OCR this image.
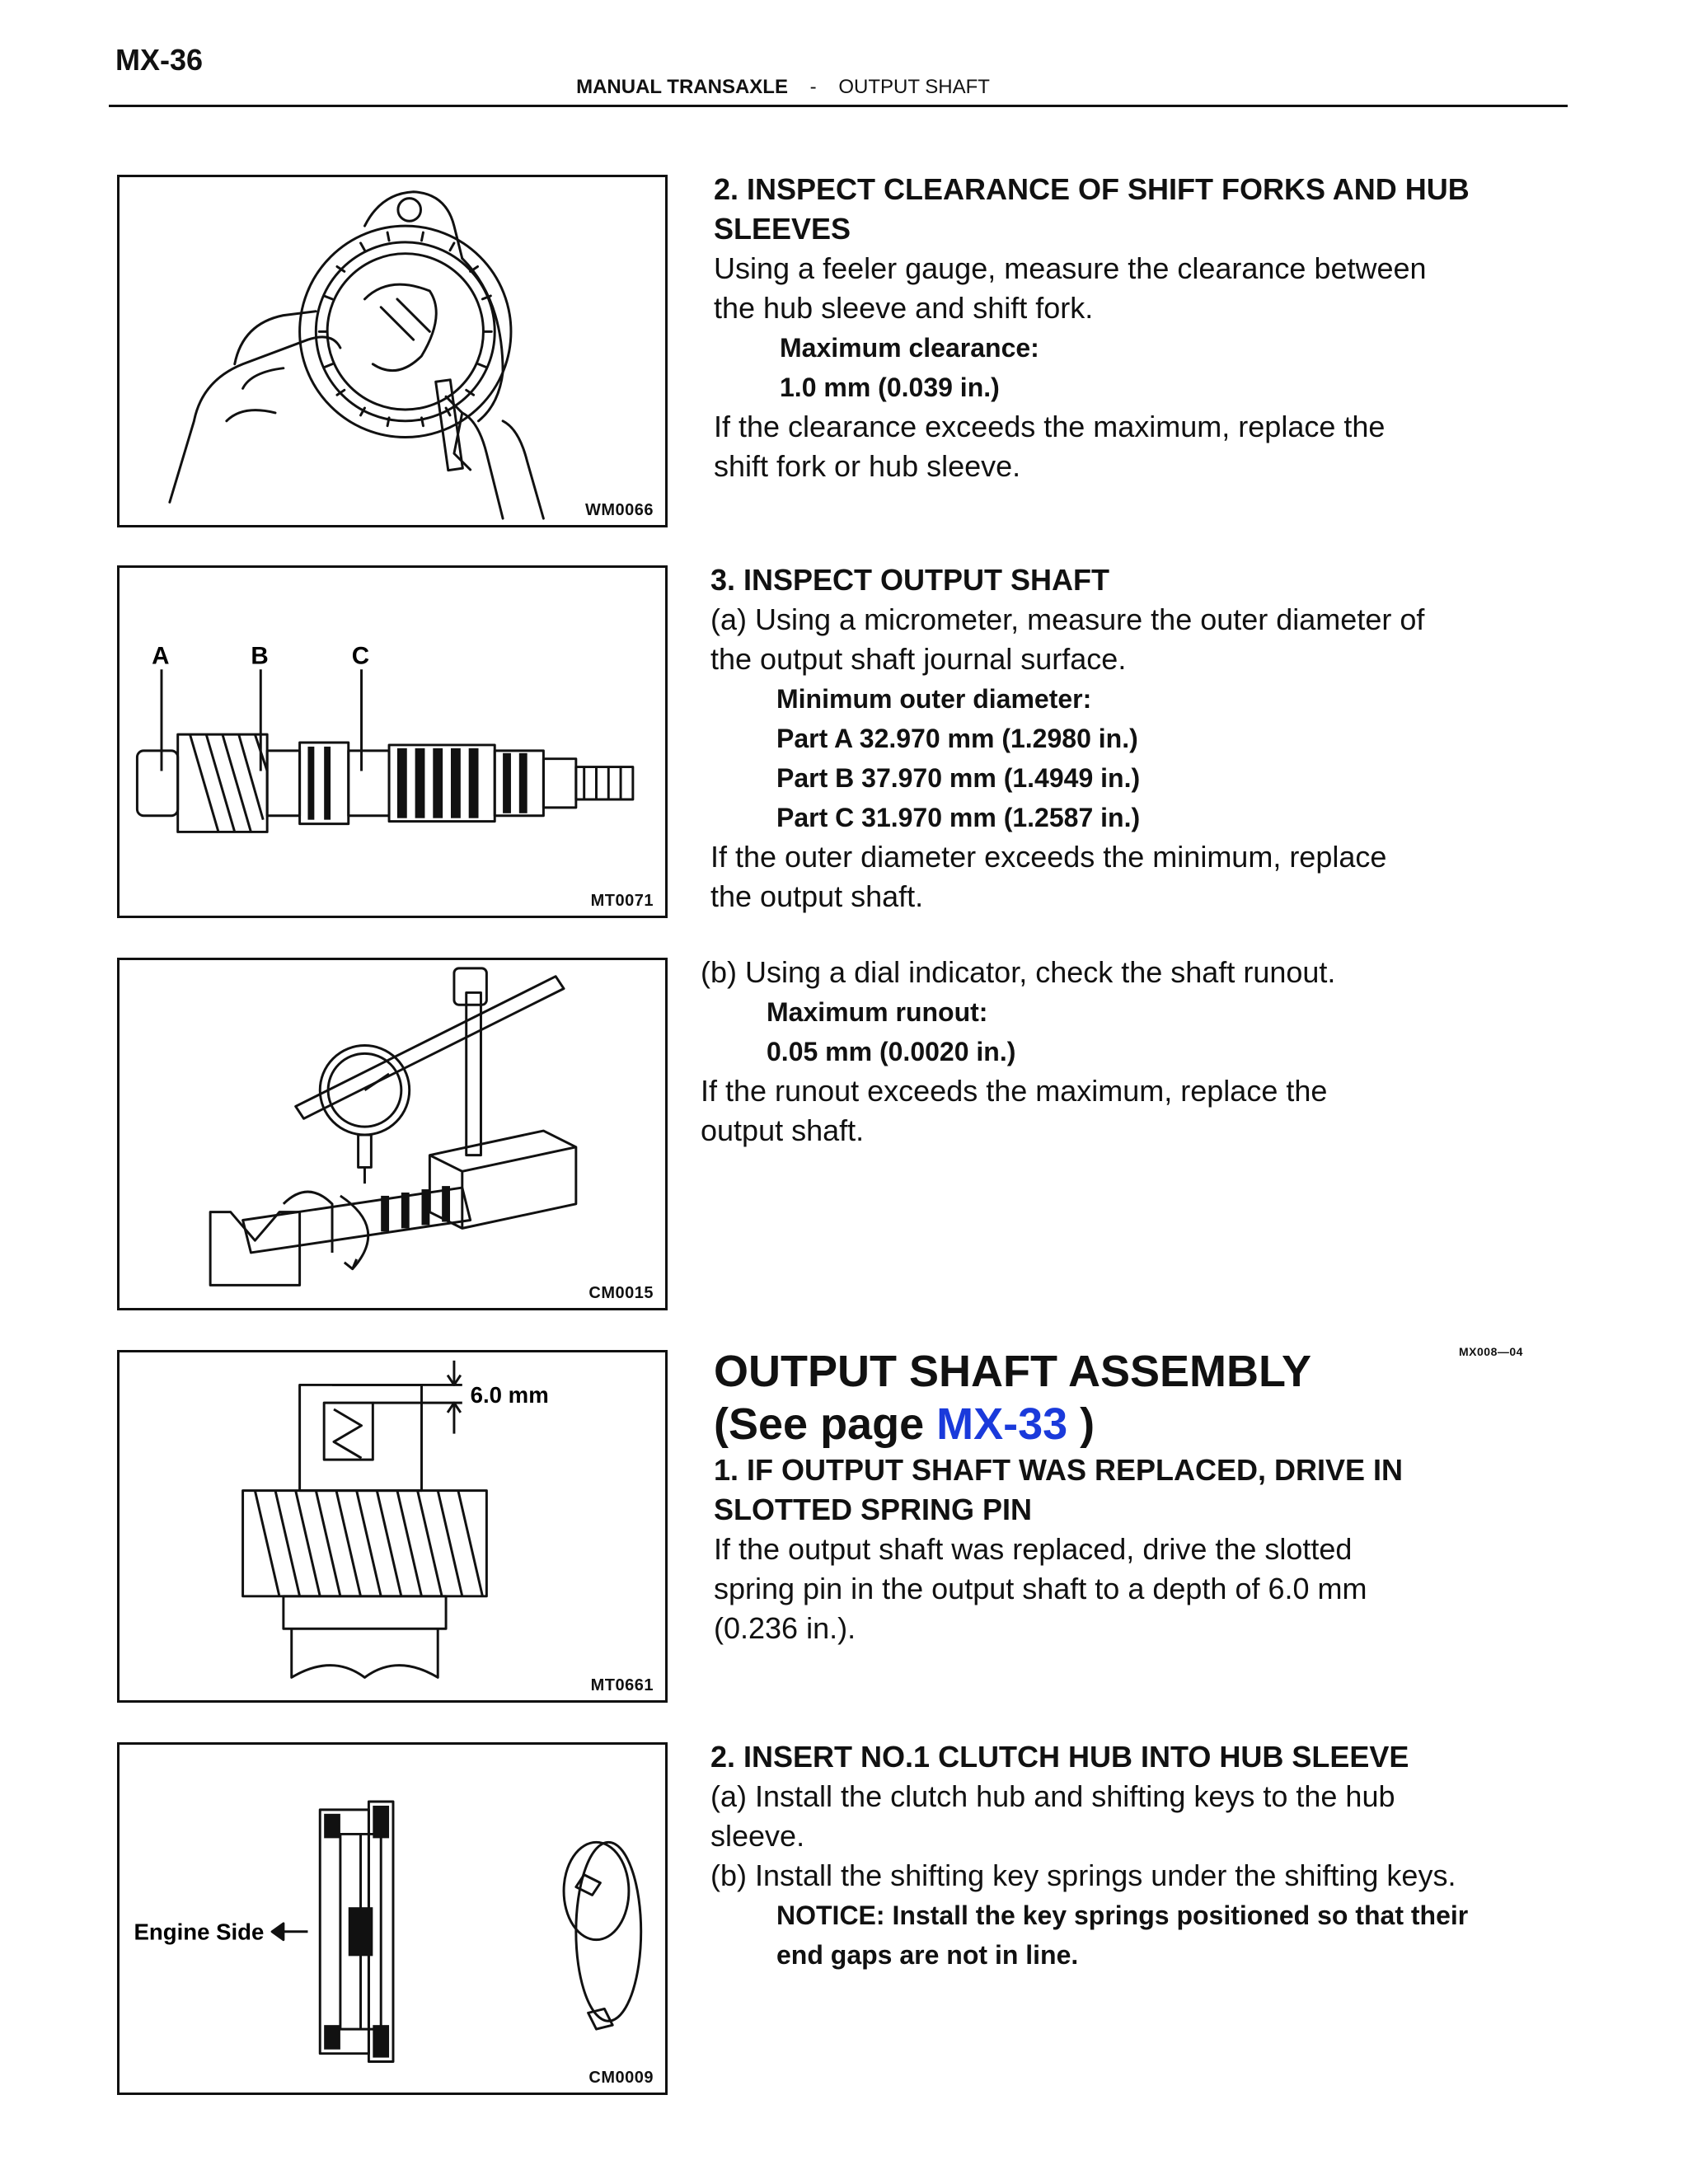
MX-36
MANUAL TRANSAXLE - OUTPUT SHAFT
WM0066
2. INSPECT CLEARANCE OF SHIFT FORKS AND HUB
SLEEVES
Using a feeler gauge, measure the clearance between
the hub sleeve and shift fork.
Maximum clearance:
1.0 mm (0.039 in.)
If the clearance exceeds the maximum, replace the
shift fork or hub sleeve.
A	B	C
MT0071
3. INSPECT OUTPUT SHAFT
(a) Using a micrometer, measure the outer diameter of
the output shaft journal surface.
Minimum outer diameter:
Part A 32.970 mm (1.2980 in.)
Part B 37.970 mm (1.4949 in.)
Part C 31.970 mm (1.2587 in.)
If the outer diameter exceeds the minimum, replace
the output shaft.
CM0015
(b) Using a dial indicator, check the shaft runout.
Maximum runout:
0.05 mm (0.0020 in.)
If the runout exceeds the maximum, replace the
output shaft.
MX008—04
6.0 mm
MT0661
OUTPUT SHAFT ASSEMBLY
(See page MX-33 )
1. IF OUTPUT SHAFT WAS REPLACED, DRIVE IN
SLOTTED SPRING PIN
If the output shaft was replaced, drive the slotted
spring pin in the output shaft to a depth of 6.0 mm
(0.236 in.).
Engine Side
CM0009
2. INSERT NO.1 CLUTCH HUB INTO HUB SLEEVE
(a) Install the clutch hub and shifting keys to the hub
sleeve.
(b) Install the shifting key springs under the shifting keys.
NOTICE: Install the key springs positioned so that their
end gaps are not in line.
